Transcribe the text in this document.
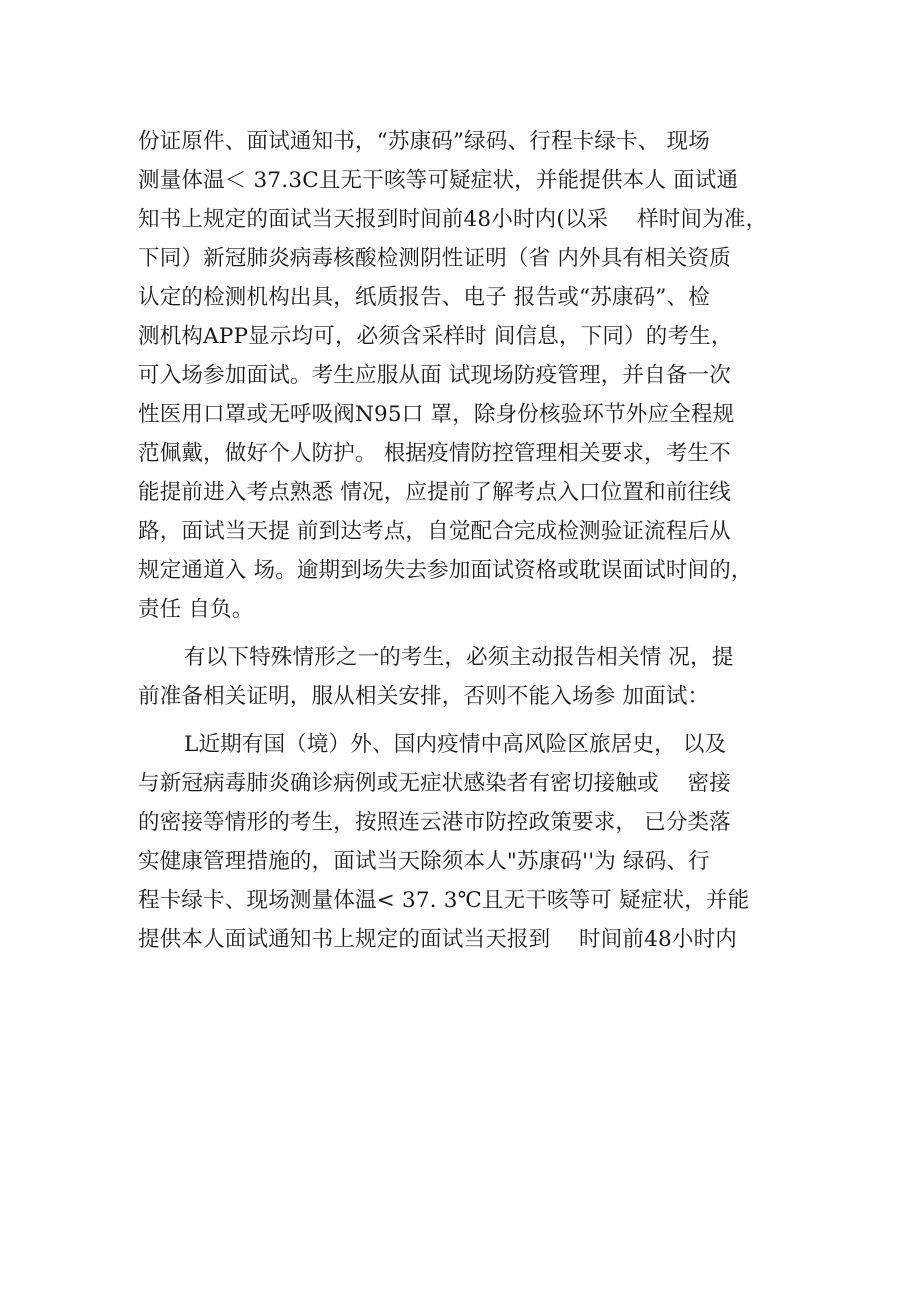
份证原件、面试通知书，“苏康码”绿码、行程卡绿卡、 现场
测量体温＜ 37.3C且无干咳等可疑症状，并能提供本人 面试通
知书上规定的面试当天报到时间前48小时内(以采　 样时间为准，
下同）新冠肺炎病毒核酸检测阴性证明（省 内外具有相关资质
认定的检测机构出具，纸质报告、电子 报告或“苏康码”、检
测机构APP显示均可，必须含采样时 间信息，下同）的考生，
可入场参加面试。考生应服从面 试现场防疫管理，并自备一次
性医用口罩或无呼吸阀N95口 罩，除身份核验环节外应全程规
范佩戴，做好个人防护。 根据疫情防控管理相关要求，考生不
能提前进入考点熟悉 情况，应提前了解考点入口位置和前往线
路，面试当天提 前到达考点，自觉配合完成检测验证流程后从
规定通道入 场。逾期到场失去参加面试资格或耽误面试时间的，
责任 自负。
有以下特殊情形之一的考生，必须主动报告相关情 况，提
前准备相关证明，服从相关安排，否则不能入场参 加面试：
L近期有国（境）外、国内疫情中高风险区旅居史， 以及
与新冠病毒肺炎确诊病例或无症状感染者有密切接触或 　密接
的密接等情形的考生，按照连云港市防控政策要求， 已分类落
实健康管理措施的，面试当天除须本人"苏康码''为 绿码、行
程卡绿卡、现场测量体温< 37. 3℃且无干咳等可 疑症状，并能
提供本人面试通知书上规定的面试当天报到 　时间前48小时内
